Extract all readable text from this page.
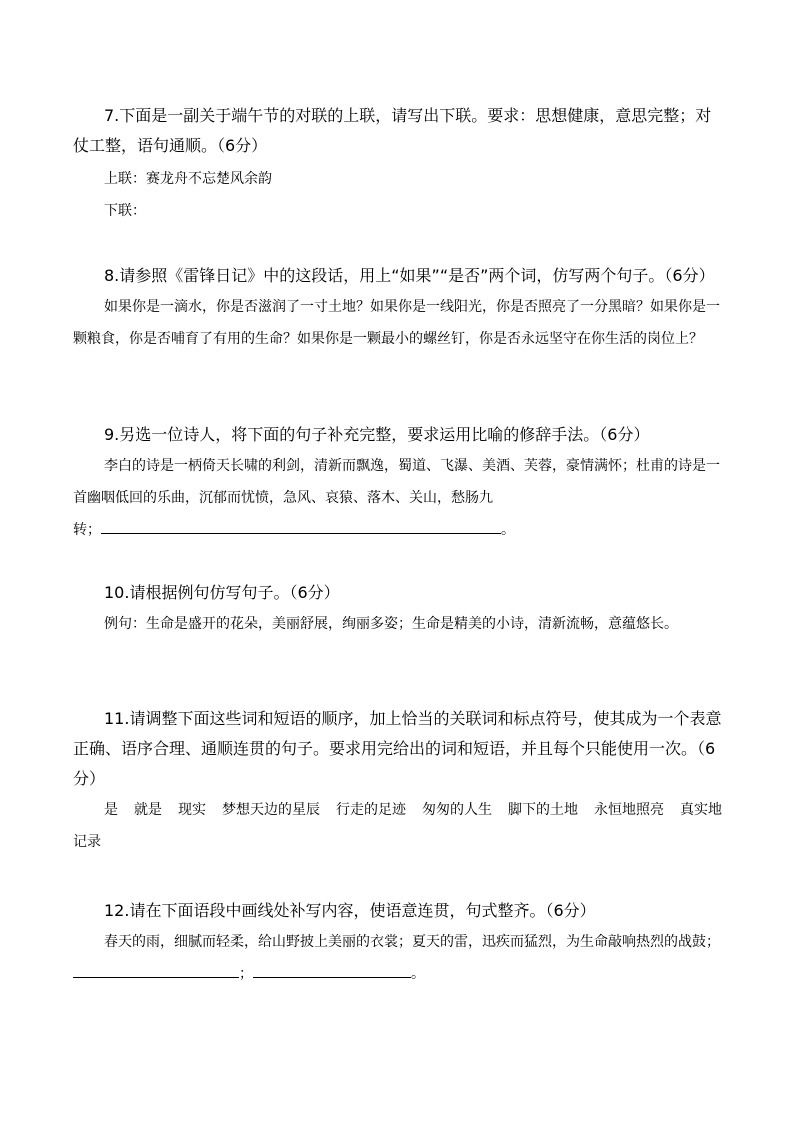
7.下面是一副关于端午节的对联的上联，请写出下联。要求：思想健康，意思完整；对仗工整，语句通顺。（6分）

上联：赛龙舟不忘楚风余韵

下联：

8.请参照《雷锋日记》中的这段话，用上“如果”“是否”两个词，仿写两个句子。（6分）

如果你是一滴水，你是否滋润了一寸土地？如果你是一线阳光，你是否照亮了一分黑暗？如果你是一颗粮食，你是否哺育了有用的生命？如果你是一颗最小的螺丝钉，你是否永远坚守在你生活的岗位上？

9.另选一位诗人，将下面的句子补充完整，要求运用比喻的修辞手法。（6分）

李白的诗是一柄倚天长啸的利剑，清新而飘逸，蜀道、飞瀑、美酒、芙蓉，豪情满怀；杜甫的诗是一首幽咽低回的乐曲，沉郁而忧愤，急风、哀猿、落木、关山，愁肠九

转；	。

10.请根据例句仿写句子。（6分）

例句：生命是盛开的花朵，美丽舒展，绚丽多姿；生命是精美的小诗，清新流畅，意蕴悠长。

11.请调整下面这些词和短语的顺序，加上恰当的关联词和标点符号，使其成为一个表意正确、语序合理、通顺连贯的句子。要求用完给出的词和短语，并且每个只能使用一次。（6分）

是 就是 现实 梦想天边的星辰 行走的足迹 匆匆的人生 脚下的土地 永恒地照亮 真实地记录

12.请在下面语段中画线处补写内容，使语意连贯，句式整齐。（6分）

春天的雨，细腻而轻柔，给山野披上美丽的衣裳；夏天的雷，迅疾而猛烈，为生命敲响热烈的战鼓；；	。
